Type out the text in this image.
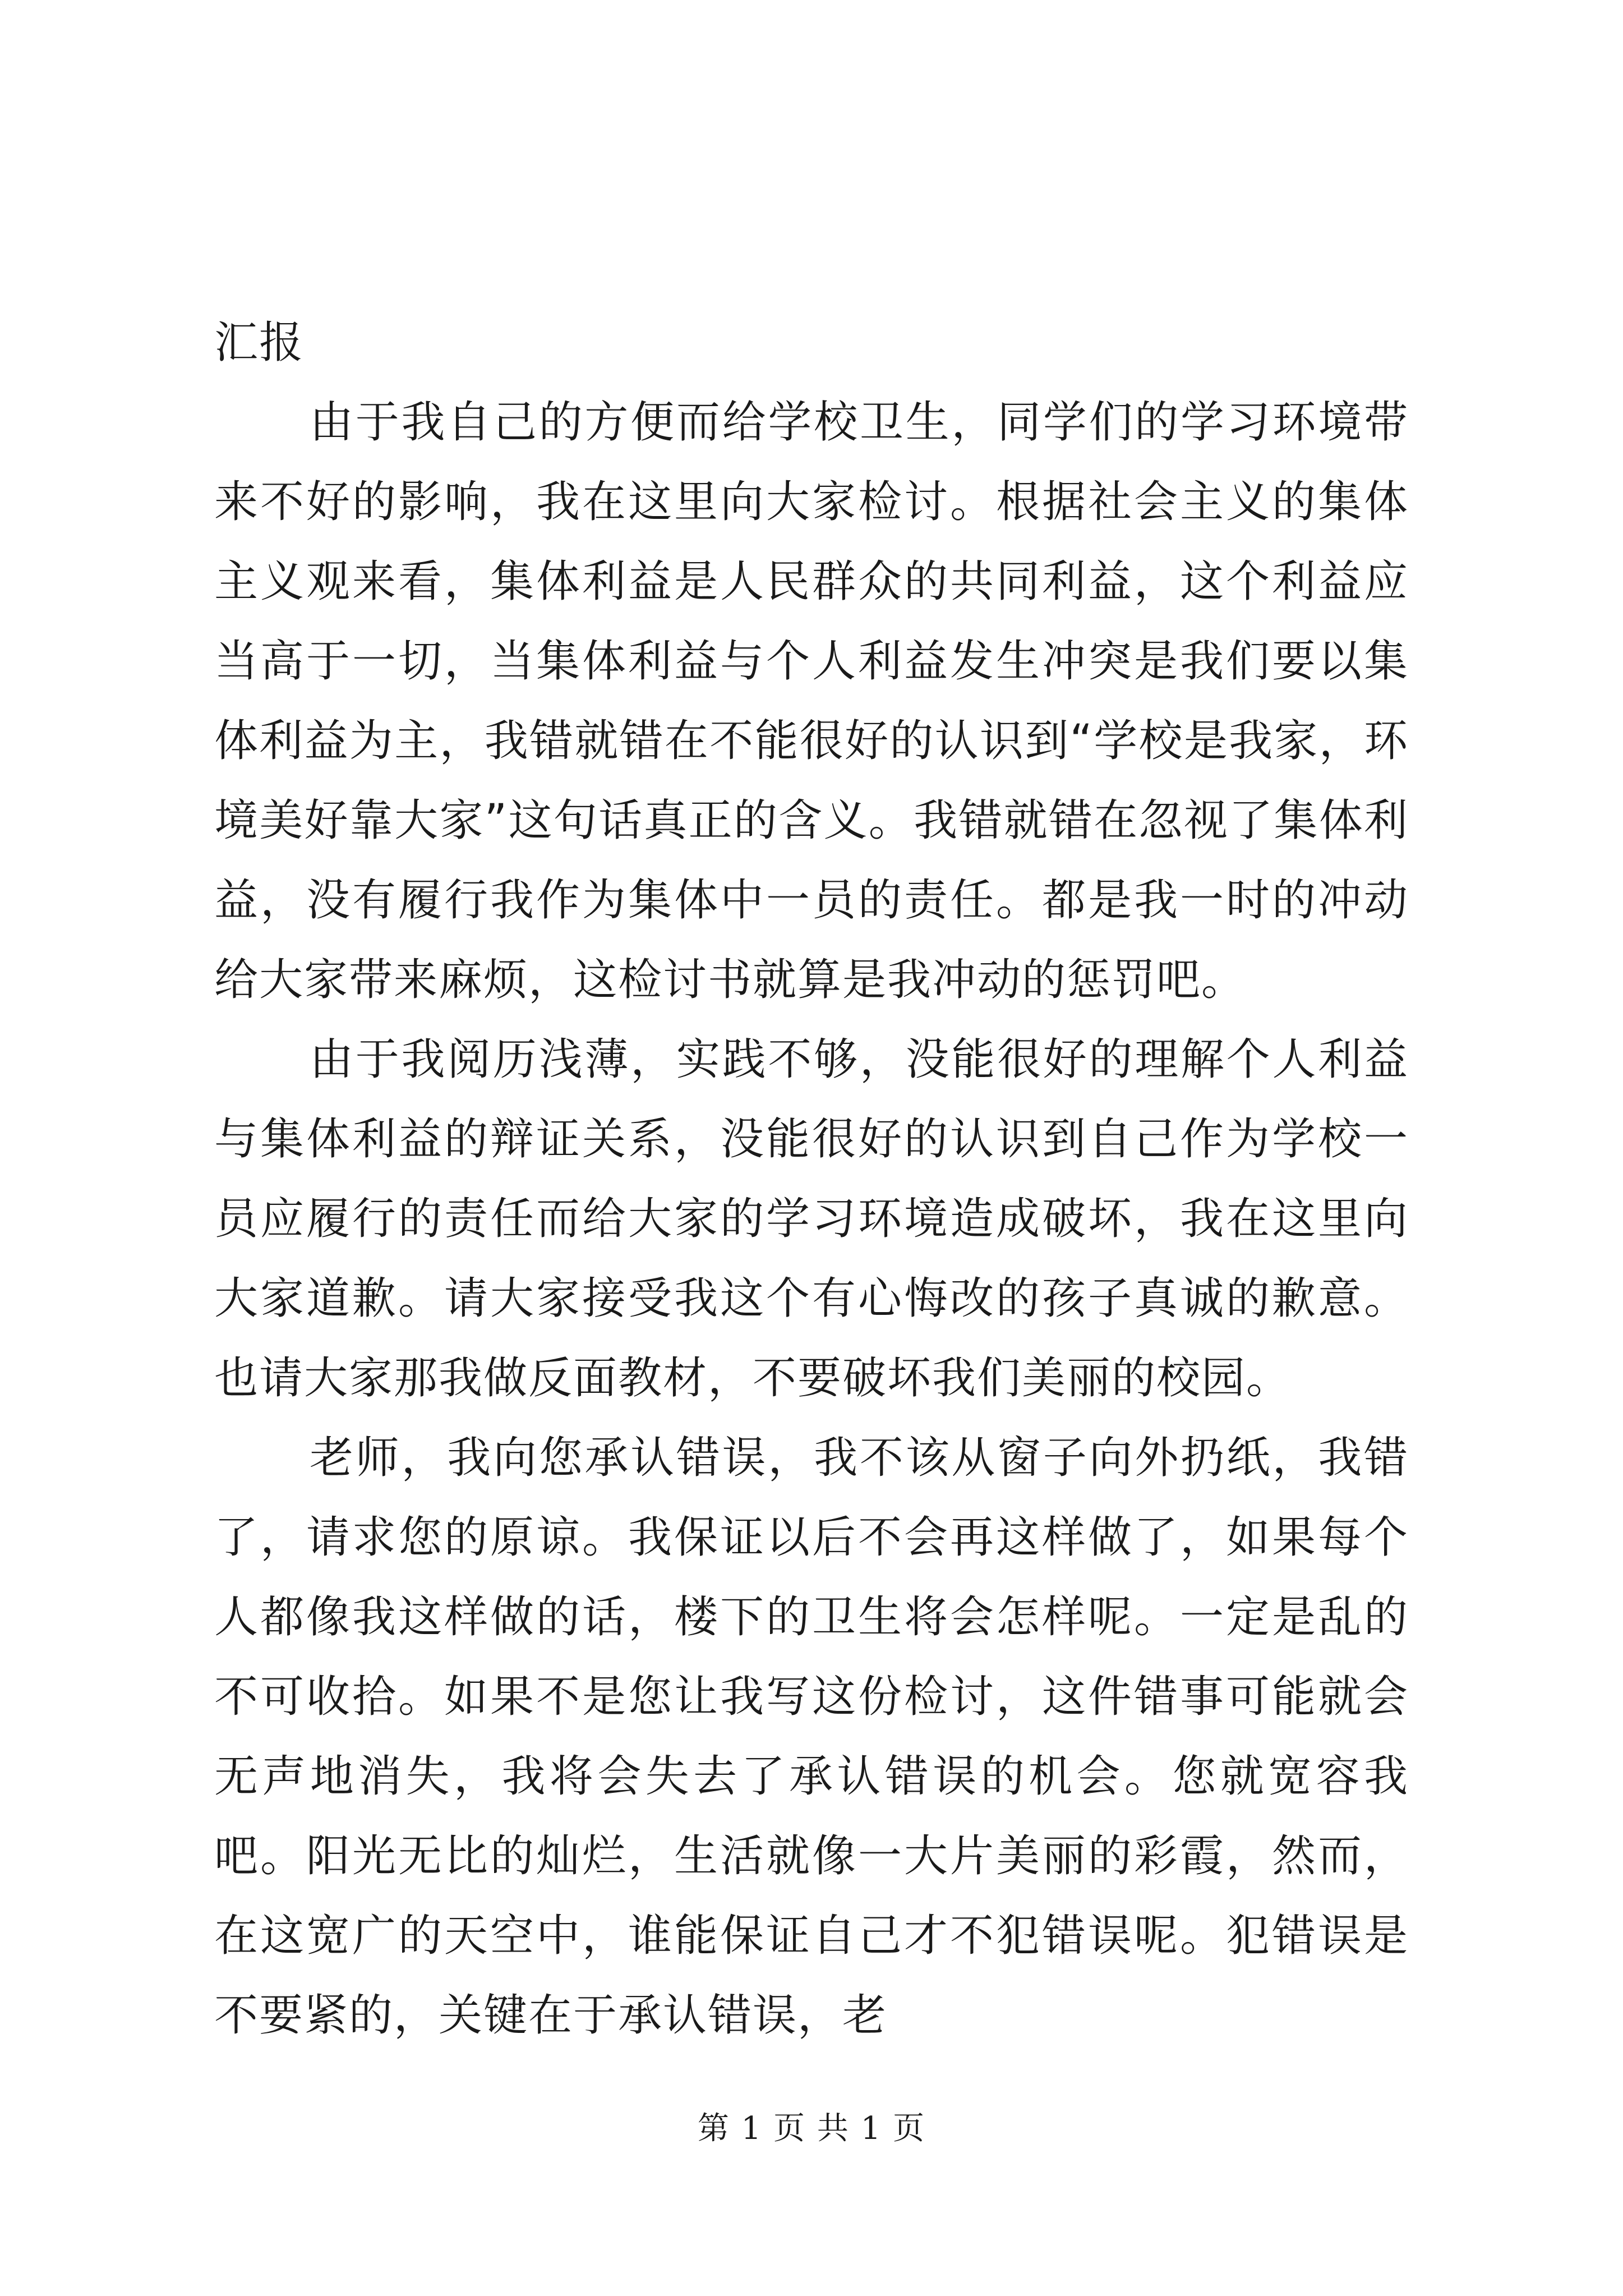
汇报

由于我自己的方便而给学校卫生，同学们的学习环境带来不好的影响，我在这里向大家检讨。根据社会主义的集体主义观来看，集体利益是人民群众的共同利益，这个利益应当高于一切，当集体利益与个人利益发生冲突是我们要以集体利益为主，我错就错在不能很好的认识到“学校是我家，环境美好靠大家”这句话真正的含义。我错就错在忽视了集体利益，没有履行我作为集体中一员的责任。都是我一时的冲动给大家带来麻烦，这检讨书就算是我冲动的惩罚吧。

由于我阅历浅薄，实践不够，没能很好的理解个人利益与集体利益的辩证关系，没能很好的认识到自己作为学校一员应履行的责任而给大家的学习环境造成破坏，我在这里向大家道歉。请大家接受我这个有心悔改的孩子真诚的歉意。也请大家那我做反面教材，不要破坏我们美丽的校园。

老师，我向您承认错误，我不该从窗子向外扔纸，我错了，请求您的原谅。我保证以后不会再这样做了，如果每个人都像我这样做的话，楼下的卫生将会怎样呢。一定是乱的不可收拾。如果不是您让我写这份检讨，这件错事可能就会无声地消失，我将会失去了承认错误的机会。您就宽容我吧。阳光无比的灿烂，生活就像一大片美丽的彩霞，然而，在这宽广的天空中，谁能保证自己才不犯错误呢。犯错误是不要紧的，关键在于承认错误，老

第 1 页 共 1 页
